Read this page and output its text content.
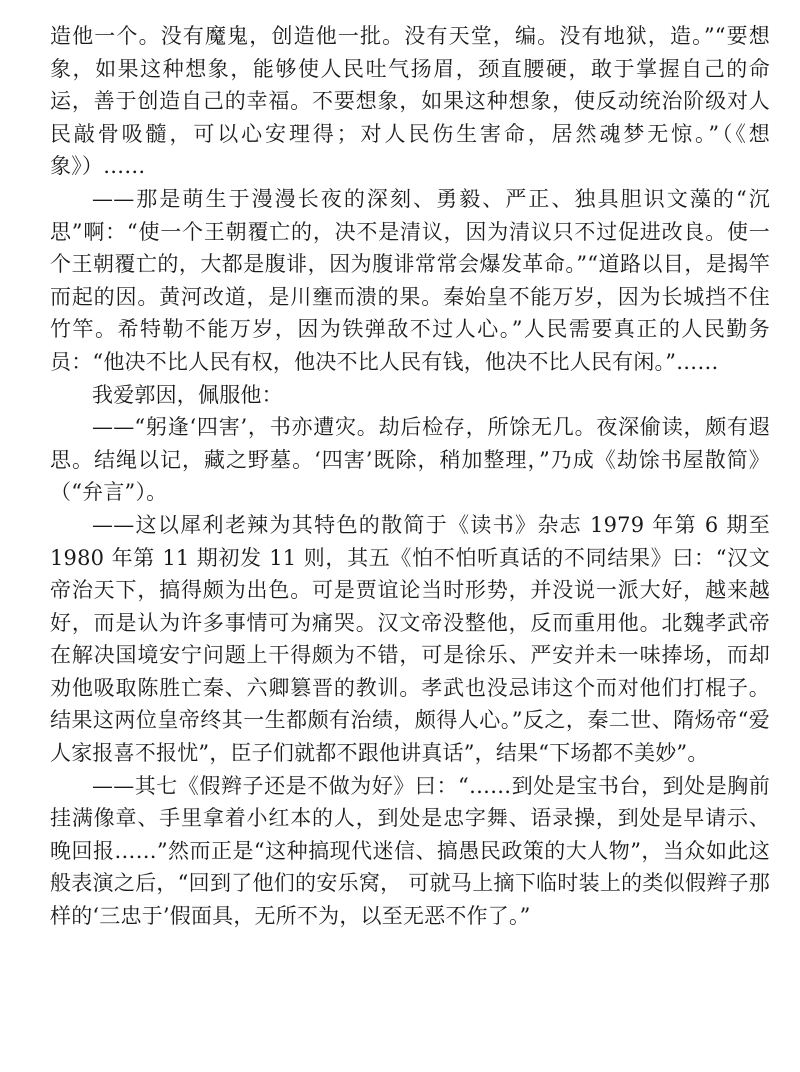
造他一个。没有魔鬼，创造他一批。没有天堂，编。没有地狱，造。”“要想象，如果这种想象，能够使人民吐气扬眉，颈直腰硬，敢于掌握自己的命运，善于创造自己的幸福。不要想象，如果这种想象，使反动统治阶级对人民敲骨吸髓，可以心安理得；对人民伤生害命，居然魂梦无惊。”（《想象》）……

——那是萌生于漫漫长夜的深刻、勇毅、严正、独具胆识文藻的“沉思”啊：“使一个王朝覆亡的，决不是清议，因为清议只不过促进改良。使一个王朝覆亡的，大都是腹诽，因为腹诽常常会爆发革命。”“道路以目，是揭竿而起的因。黄河改道，是川壅而溃的果。秦始皇不能万岁，因为长城挡不住竹竿。希特勒不能万岁，因为铁弹敌不过人心。”人民需要真正的人民勤务员：“他决不比人民有权，他决不比人民有钱，他决不比人民有闲。”……

我爱郭因，佩服他：

——“躬逢‘四害’，书亦遭灾。劫后检存，所馀无几。夜深偷读，颇有遐思。结绳以记，藏之野墓。‘四害’既除，稍加整理，”乃成《劫馀书屋散简》（“弁言”）。

——这以犀利老辣为其特色的散简于《读书》杂志 1979 年第 6 期至 1980 年第 11 期初发 11 则，其五《怕不怕听真话的不同结果》曰：“汉文帝治天下，搞得颇为出色。可是贾谊论当时形势，并没说一派大好，越来越好，而是认为许多事情可为痛哭。汉文帝没整他，反而重用他。北魏孝武帝在解决国境安宁问题上干得颇为不错，可是徐乐、严安并未一味捧场，而却劝他吸取陈胜亡秦、六卿篡晋的教训。孝武也没忌讳这个而对他们打棍子。结果这两位皇帝终其一生都颇有治绩，颇得人心。”反之，秦二世、隋炀帝“爱人家报喜不报忧”，臣子们就都不跟他讲真话”，结果“下场都不美妙”。

——其七《假辫子还是不做为好》曰：“……到处是宝书台，到处是胸前挂满像章、手里拿着小红本的人，到处是忠字舞、语录操，到处是早请示、晚回报……”然而正是“这种搞现代迷信、搞愚民政策的大人物”，当众如此这般表演之后，“回到了他们的安乐窝， 可就马上摘下临时装上的类似假辫子那样的‘三忠于’假面具，无所不为，以至无恶不作了。”
